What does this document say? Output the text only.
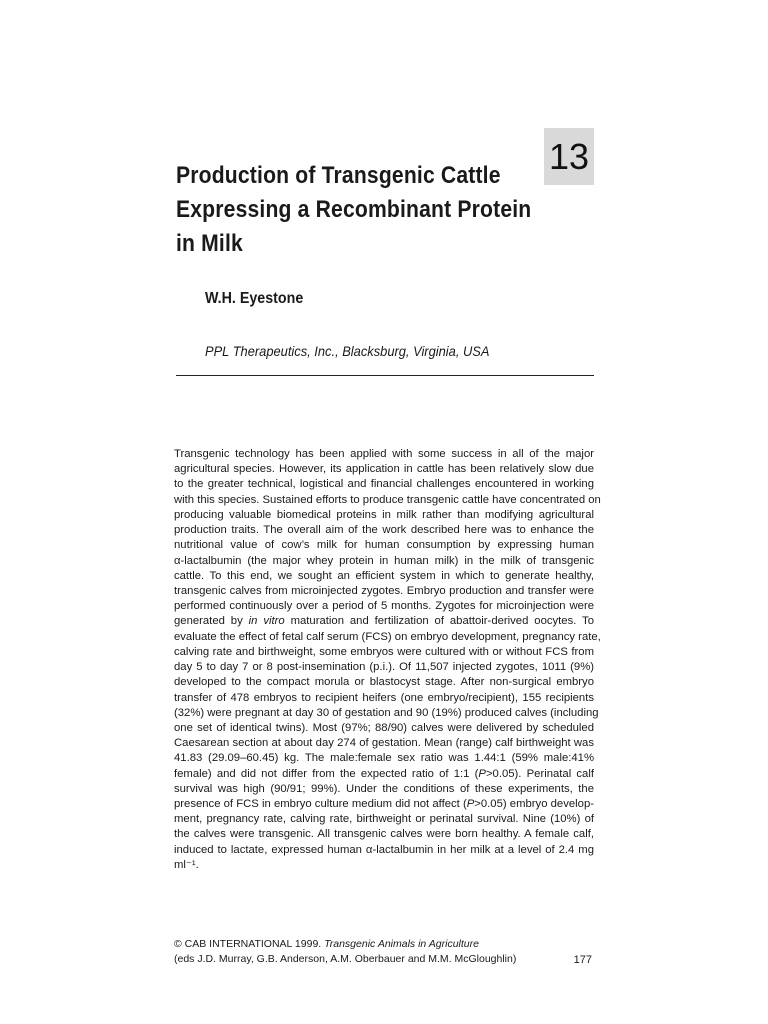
13
Production of Transgenic Cattle
Expressing a Recombinant Protein
in Milk
W.H. Eyestone
PPL Therapeutics, Inc., Blacksburg, Virginia, USA
Transgenic technology has been applied with some success in all of the major
agricultural species. However, its application in cattle has been relatively slow due
to the greater technical, logistical and financial challenges encountered in working
with this species. Sustained efforts to produce transgenic cattle have concentrated on
producing valuable biomedical proteins in milk rather than modifying agricultural
production traits. The overall aim of the work described here was to enhance the
nutritional value of cow’s milk for human consumption by expressing human
α-lactalbumin (the major whey protein in human milk) in the milk of transgenic
cattle. To this end, we sought an efficient system in which to generate healthy,
transgenic calves from microinjected zygotes. Embryo production and transfer were
performed continuously over a period of 5 months. Zygotes for microinjection were
generated by in vitro maturation and fertilization of abattoir-derived oocytes. To
evaluate the effect of fetal calf serum (FCS) on embryo development, pregnancy rate,
calving rate and birthweight, some embryos were cultured with or without FCS from
day 5 to day 7 or 8 post-insemination (p.i.). Of 11,507 injected zygotes, 1011 (9%)
developed to the compact morula or blastocyst stage. After non-surgical embryo
transfer of 478 embryos to recipient heifers (one embryo/recipient), 155 recipients
(32%) were pregnant at day 30 of gestation and 90 (19%) produced calves (including
one set of identical twins). Most (97%; 88/90) calves were delivered by scheduled
Caesarean section at about day 274 of gestation. Mean (range) calf birthweight was
41.83 (29.09–60.45) kg. The male:female sex ratio was 1.44:1 (59% male:41%
female) and did not differ from the expected ratio of 1:1 (P>0.05). Perinatal calf
survival was high (90/91; 99%). Under the conditions of these experiments, the
presence of FCS in embryo culture medium did not affect (P>0.05) embryo develop-
ment, pregnancy rate, calving rate, birthweight or perinatal survival. Nine (10%) of
the calves were transgenic. All transgenic calves were born healthy. A female calf,
induced to lactate, expressed human α-lactalbumin in her milk at a level of 2.4 mg
ml⁻¹.
© CAB INTERNATIONAL 1999. Transgenic Animals in Agriculture
(eds J.D. Murray, G.B. Anderson, A.M. Oberbauer and M.M. McGloughlin)	177
